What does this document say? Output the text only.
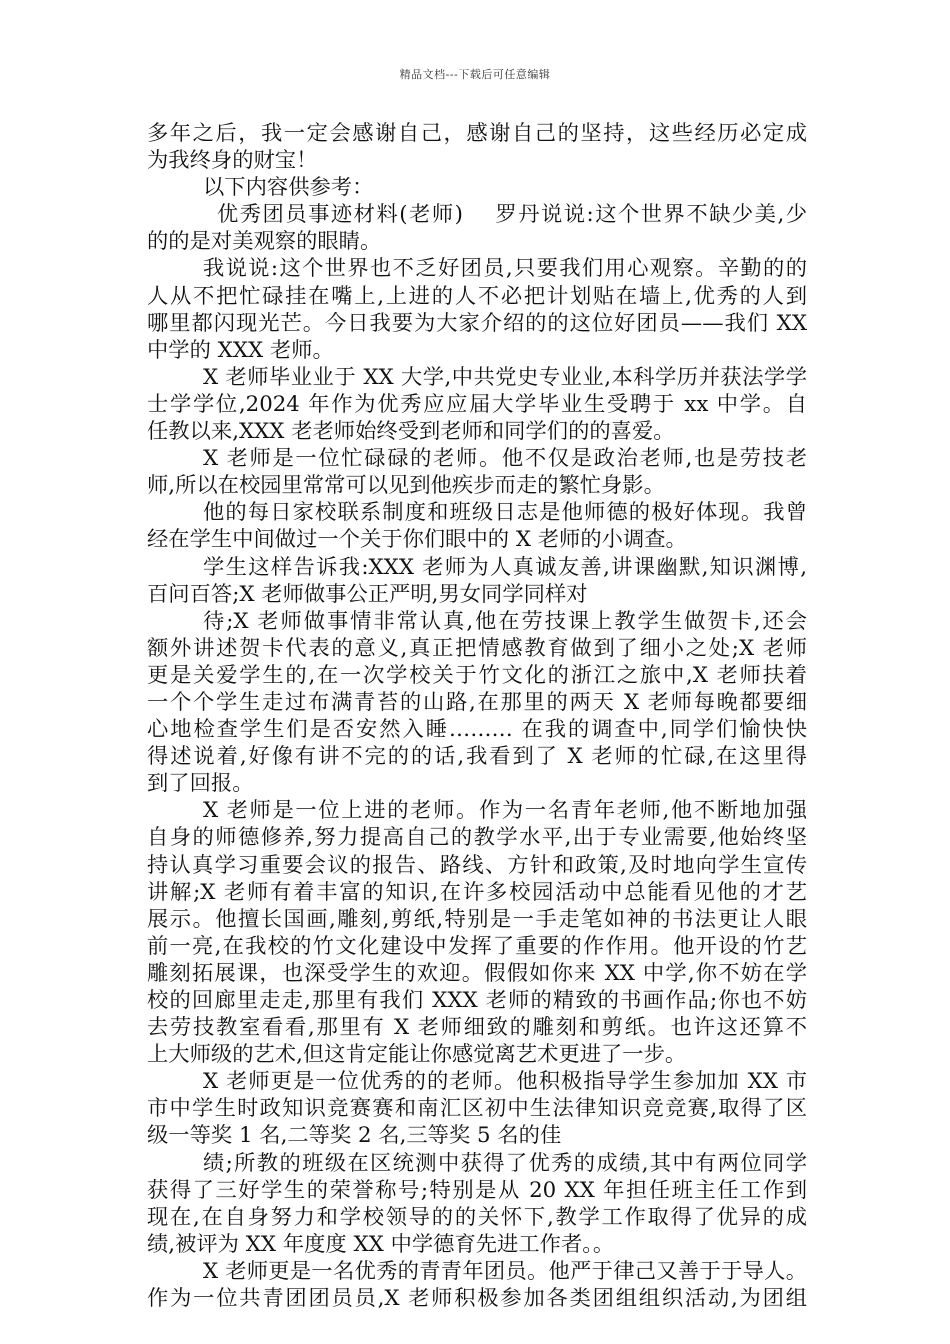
精品文档---下载后可任意编辑
多年之后，我一定会感谢自己，感谢自己的坚持，这些经历必定成
为我终身的财宝！
以下内容供参考：
优秀团员事迹材料(老师)　 罗丹说说:这个世界不缺少美,少
的的是对美观察的眼睛。
我说说:这个世界也不乏好团员,只要我们用心观察。辛勤的的
人从不把忙碌挂在嘴上,上进的人不必把计划贴在墙上,优秀的人到
哪里都闪现光芒。今日我要为大家介绍的的这位好团员——我们 XX
中学的 XXX 老师。
X 老师毕业业于 XX 大学,中共党史专业业,本科学历并获法学学
士学学位,2024 年作为优秀应应届大学毕业生受聘于 xx 中学。自
任教以来,XXX 老老师始终受到老师和同学们的的喜爱。
X 老师是一位忙碌碌的老师。他不仅是政治老师,也是劳技老
师,所以在校园里常常可以见到他疾步而走的繁忙身影。
他的每日家校联系制度和班级日志是他师德的极好体现。我曾
经在学生中间做过一个关于你们眼中的 X 老师的小调查。
学生这样告诉我:XXX 老师为人真诚友善,讲课幽默,知识渊博,
百问百答;X 老师做事公正严明,男女同学同样对
待;X 老师做事情非常认真,他在劳技课上教学生做贺卡,还会
额外讲述贺卡代表的意义,真正把情感教育做到了细小之处;X 老师
更是关爱学生的,在一次学校关于竹文化的浙江之旅中,X 老师扶着
一个个学生走过布满青苔的山路,在那里的两天 X 老师每晚都要细
心地检查学生们是否安然入睡……… 在我的调查中,同学们愉快快
得述说着,好像有讲不完的的话,我看到了 X 老师的忙碌,在这里得
到了回报。
X 老师是一位上进的老师。作为一名青年老师,他不断地加强
自身的师德修养,努力提高自己的教学水平,出于专业需要,他始终坚
持认真学习重要会议的报告、路线、方针和政策,及时地向学生宣传
讲解;X 老师有着丰富的知识,在许多校园活动中总能看见他的才艺
展示。他擅长国画,雕刻,剪纸,特别是一手走笔如神的书法更让人眼
前一亮,在我校的竹文化建设中发挥了重要的作作用。他开设的竹艺
雕刻拓展课，也深受学生的欢迎。假假如你来 XX 中学,你不妨在学
校的回廊里走走,那里有我们 XXX 老师的精致的书画作品;你也不妨
去劳技教室看看,那里有 X 老师细致的雕刻和剪纸。也许这还算不
上大师级的艺术,但这肯定能让你感觉离艺术更进了一步。
X 老师更是一位优秀的的老师。他积极指导学生参加加 XX 市
市中学生时政知识竞赛赛和南汇区初中生法律知识竞竞赛,取得了区
级一等奖 1 名,二等奖 2 名,三等奖 5 名的佳
绩;所教的班级在区统测中获得了优秀的成绩,其中有两位同学
获得了三好学生的荣誉称号;特别是从 20 XX 年担任班主任工作到
现在,在自身努力和学校领导的的关怀下,教学工作取得了优异的成
绩,被评为 XX 年度度 XX 中学德育先进工作者。。
X 老师更是一名优秀的青青年团员。他严于律己又善于于导人。
作为一位共青团团员员,X 老师积极参加各类团组组织活动,为团组
